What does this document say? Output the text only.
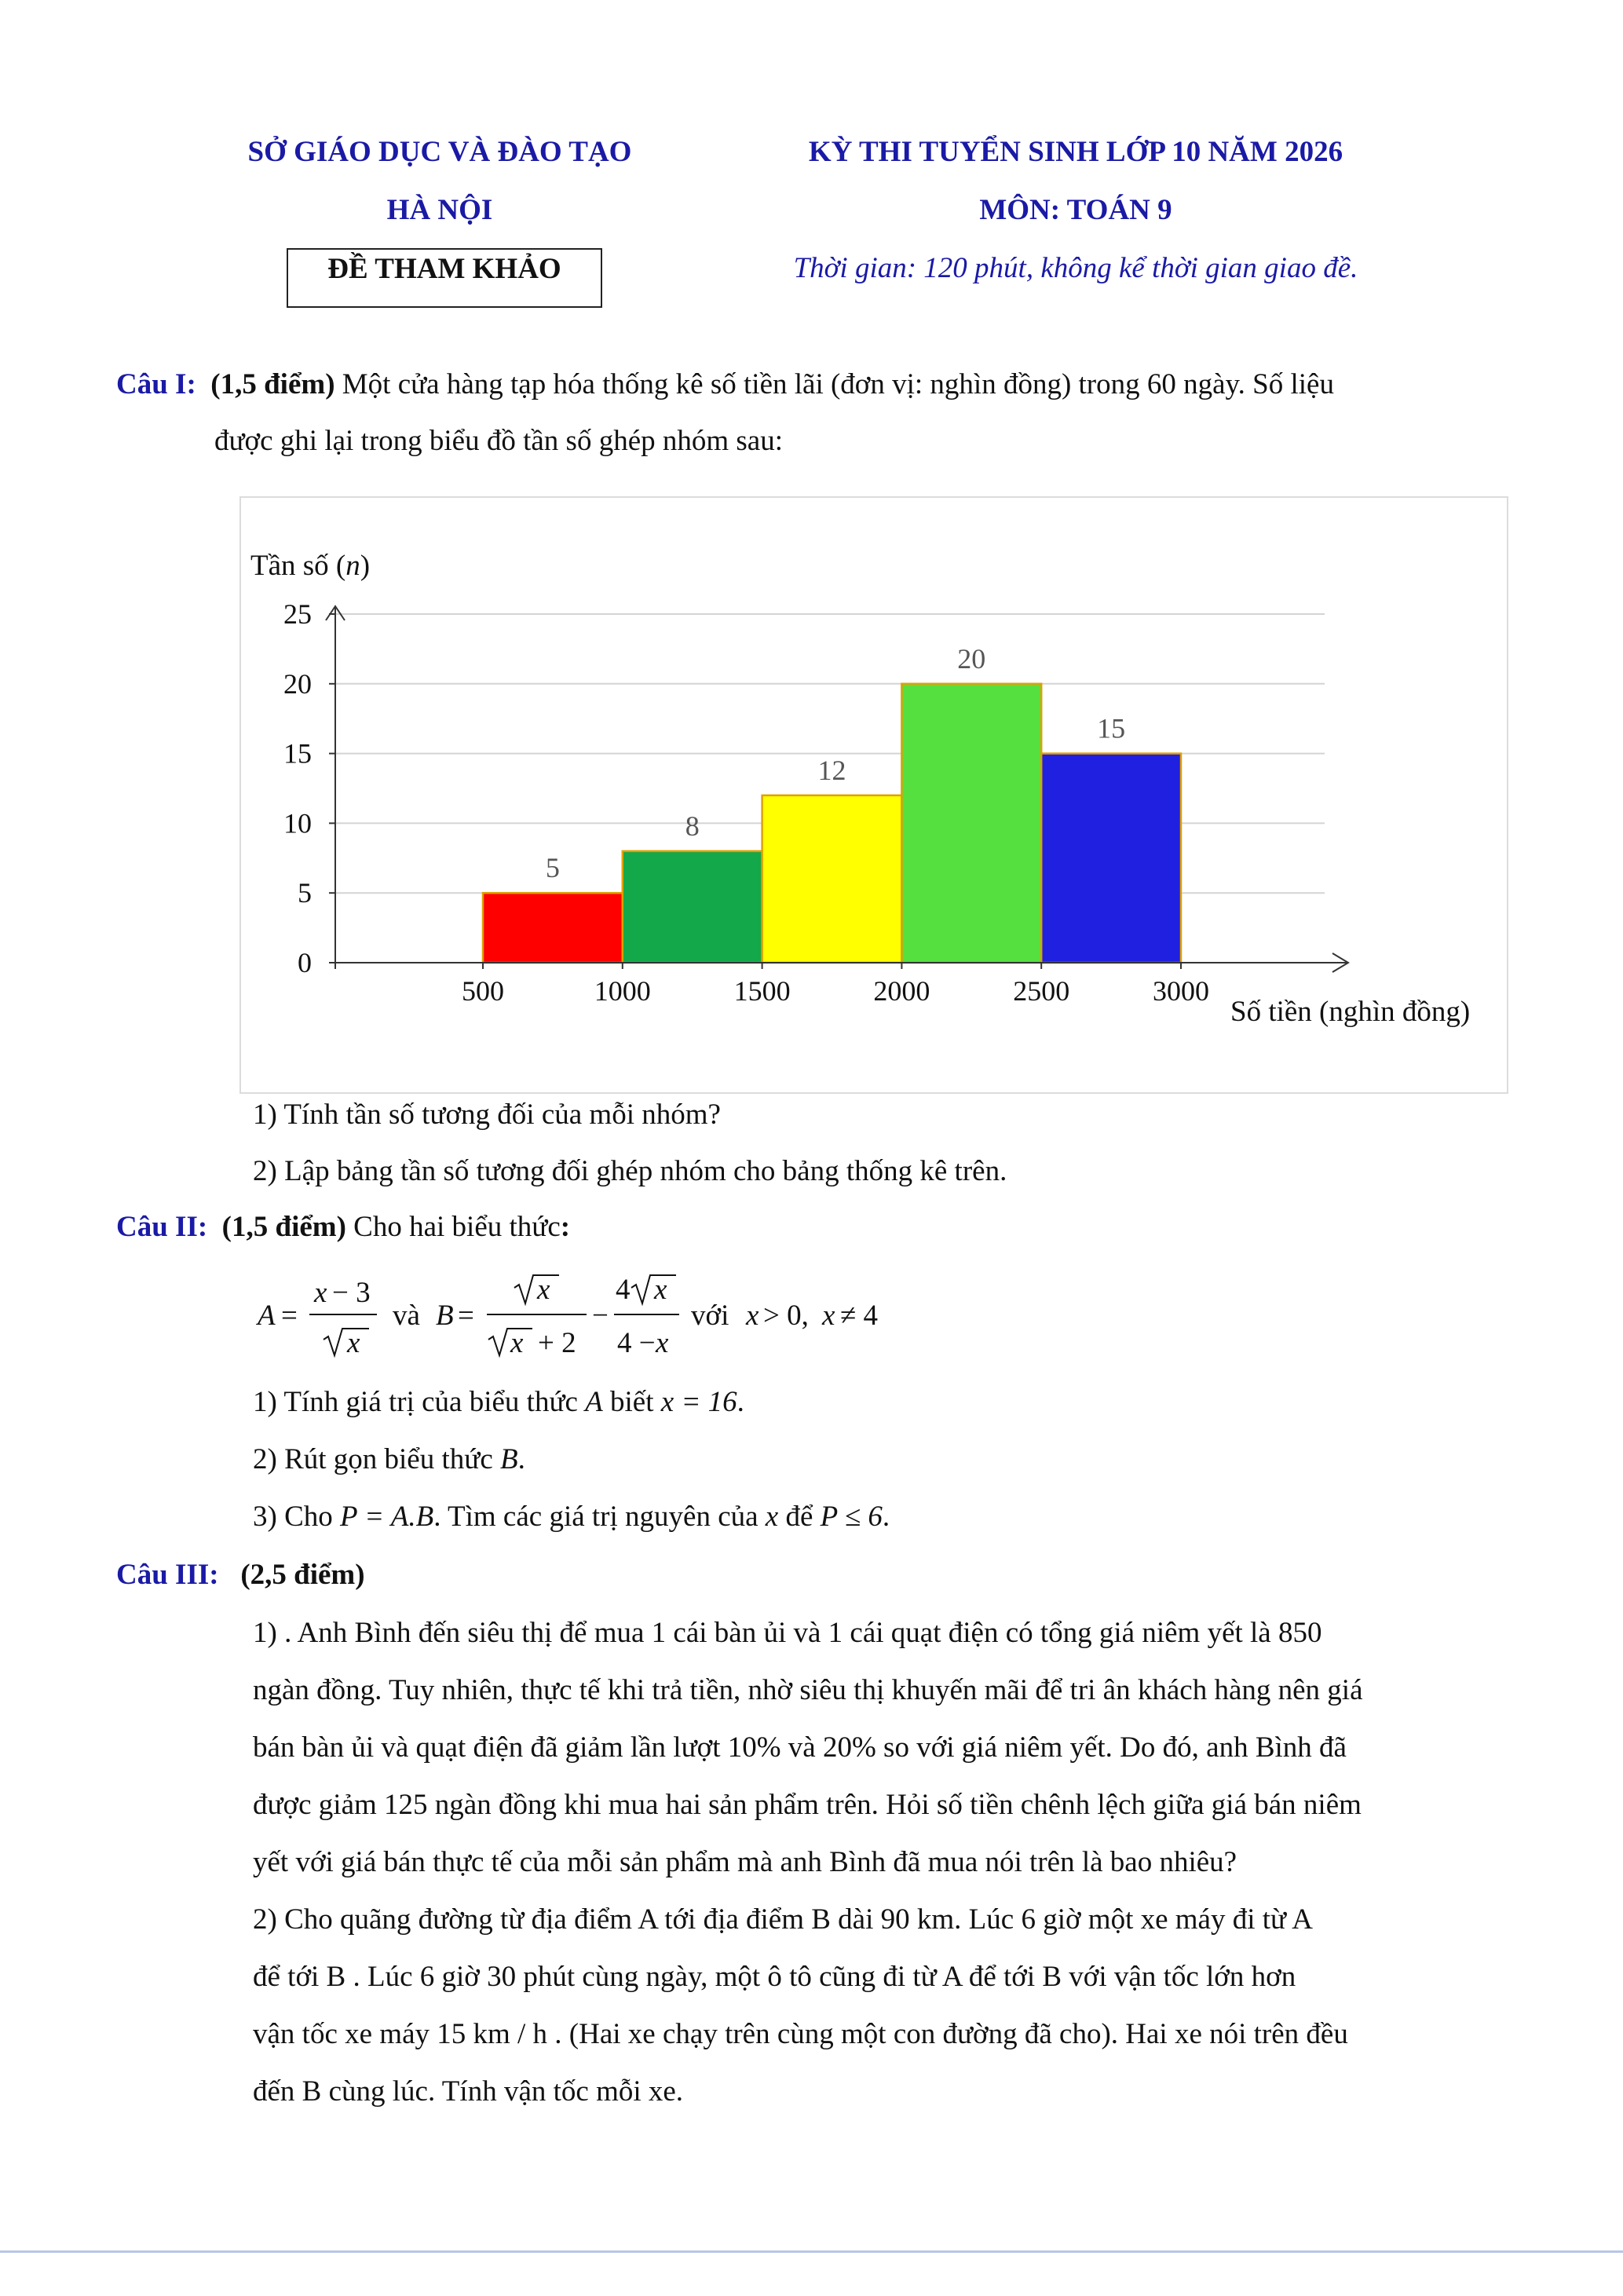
SỞ GIÁO DỤC VÀ ĐÀO TẠO
HÀ NỘI
ĐỀ THAM KHẢO
KỲ THI TUYỂN SINH LỚP 10 NĂM 2026
MÔN: TOÁN 9
Thời gian: 120 phút, không kể thời gian giao đề.
Câu I: (1,5 điểm) Một cửa hàng tạp hóa thống kê số tiền lãi (đơn vị: nghìn đồng) trong 60 ngày. Số liệu
được ghi lại trong biểu đồ tần số ghép nhóm sau:
5
8
12
20
15
0
5
10
15
20
25
500	1000	1500	2000	2500	3000
Tần số (n)
Số tiền (nghìn đồng)
1) Tính tần số tương đối của mỗi nhóm?
2) Lập bảng tần số tương đối ghép nhóm cho bảng thống kê trên.
Câu II: (1,5 điểm) Cho hai biểu thức:
A =
x − 3
x
và B =
x
x + 2
−
4 x
4 − x
với x > 0, x ≠ 4
1) Tính giá trị của biểu thức A biết x = 16.
2) Rút gọn biểu thức B.
3) Cho P = A.B. Tìm các giá trị nguyên của x để P ≤ 6.
Câu III: (2,5 điểm)
1) . Anh Bình đến siêu thị để mua 1 cái bàn ủi và 1 cái quạt điện có tổng giá niêm yết là 850
ngàn đồng. Tuy nhiên, thực tế khi trả tiền, nhờ siêu thị khuyến mãi để tri ân khách hàng nên giá
bán bàn ủi và quạt điện đã giảm lần lượt 10% và 20% so với giá niêm yết. Do đó, anh Bình đã
được giảm 125 ngàn đồng khi mua hai sản phẩm trên. Hỏi số tiền chênh lệch giữa giá bán niêm
yết với giá bán thực tế của mỗi sản phẩm mà anh Bình đã mua nói trên là bao nhiêu?
2) Cho quãng đường từ địa điểm A tới địa điểm B dài 90 km. Lúc 6 giờ một xe máy đi từ A
để tới B . Lúc 6 giờ 30 phút cùng ngày, một ô tô cũng đi từ A để tới B với vận tốc lớn hơn
vận tốc xe máy 15 km / h . (Hai xe chạy trên cùng một con đường đã cho). Hai xe nói trên đều
đến B cùng lúc. Tính vận tốc mỗi xe.
